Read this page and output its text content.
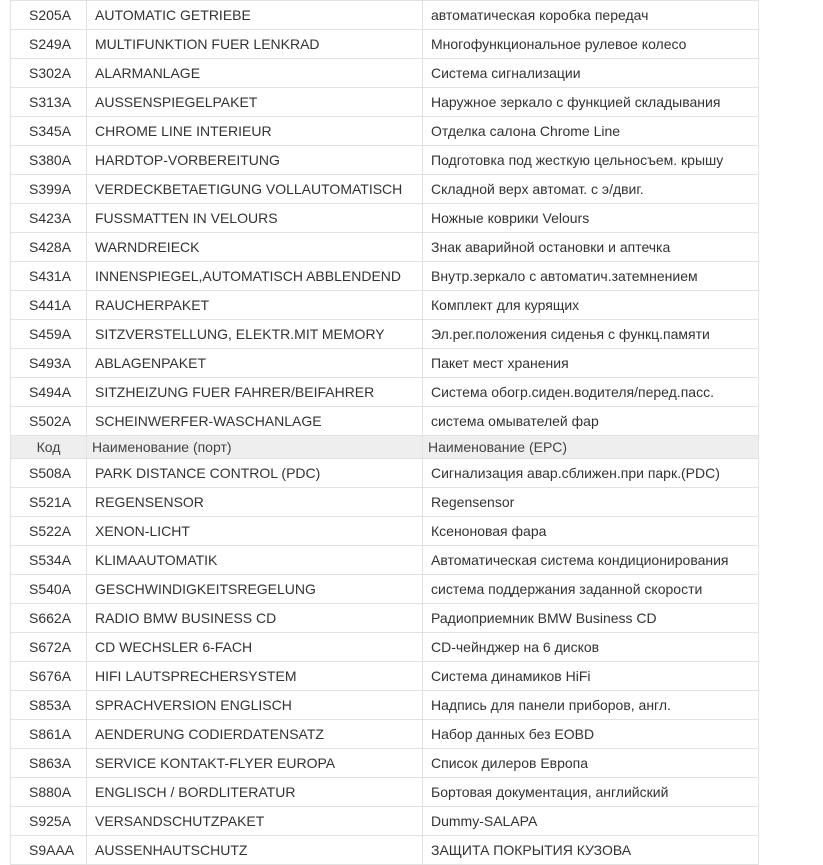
S205A	AUTOMATIC GETRIEBE	автоматическая коробка передач
S249A	MULTIFUNKTION FUER LENKRAD	Многофункциональное рулевое колесо
S302A	ALARMANLAGE	Система сигнализации
S313A	AUSSENSPIEGELPAKET	Наружное зеркало с функцией складывания
S345A	CHROME LINE INTERIEUR	Отделка салона Chrome Line
S380A	HARDTOP-VORBEREITUNG	Подготовка под жесткую цельносъем. крышу
S399A	VERDECKBETAETIGUNG VOLLAUTOMATISCH	Складной верх автомат. с э/двиг.
S423A	FUSSMATTEN IN VELOURS	Ножные коврики Velours
S428A	WARNDREIECK	Знак аварийной остановки и аптечка
S431A	INNENSPIEGEL,AUTOMATISCH ABBLENDEND	Внутр.зеркало с автоматич.затемнением
S441A	RAUCHERPAKET	Комплект для курящих
S459A	SITZVERSTELLUNG, ELEKTR.MIT MEMORY	Эл.рег.положения сиденья с функц.памяти
S493A	ABLAGENPAKET	Пакет мест хранения
S494A	SITZHEIZUNG FUER FAHRER/BEIFAHRER	Система обогр.сиден.водителя/перед.пасс.
S502A	SCHEINWERFER-WASCHANLAGE	система омывателей фар
Код	Наименование (порт)	Наименование (EPC)
S508A	PARK DISTANCE CONTROL (PDC)	Сигнализация авар.сближен.при парк.(PDC)
S521A	REGENSENSOR	Regensensor
S522A	XENON-LICHT	Ксеноновая фара
S534A	KLIMAAUTOMATIK	Автоматическая система кондиционирования
S540A	GESCHWINDIGKEITSREGELUNG	система поддержания заданной скорости
S662A	RADIO BMW BUSINESS CD	Радиоприемник BMW Business CD
S672A	CD WECHSLER 6-FACH	CD-чейнджер на 6 дисков
S676A	HIFI LAUTSPRECHERSYSTEM	Система динамиков HiFi
S853A	SPRACHVERSION ENGLISCH	Надпись для панели приборов, англ.
S861A	AENDERUNG CODIERDATENSATZ	Набор данных без EOBD
S863A	SERVICE KONTAKT-FLYER EUROPA	Список дилеров Европа
S880A	ENGLISCH / BORDLITERATUR	Бортовая документация, английский
S925A	VERSANDSCHUTZPAKET	Dummy-SALAPA
S9AAA	AUSSENHAUTSCHUTZ	ЗАЩИТА ПОКРЫТИЯ КУЗОВА
